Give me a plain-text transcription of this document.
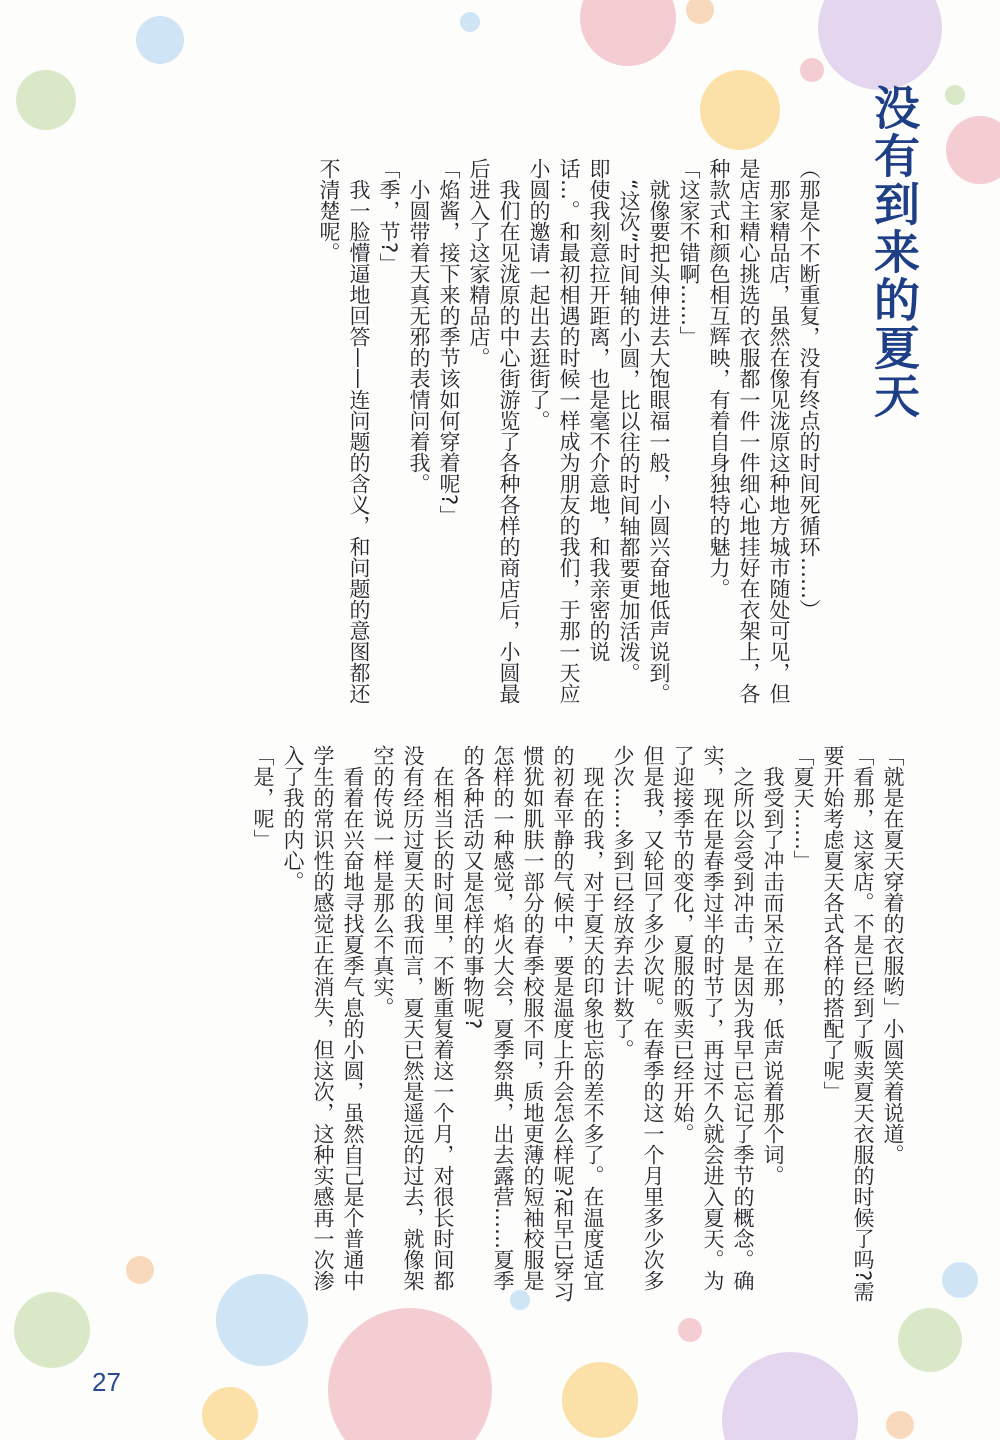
没有到来的夏天

（那是个不断重复，没有终点的时间死循环……）

那家精品店，虽然在像见泷原这种地方城市随处可见，但是店主精心挑选的衣服都一件一件细心地挂好在衣架上，各种款式和颜色相互辉映，有着自身独特的魅力。

「这家不错啊……」

就像要把头伸进去大饱眼福一般，小圆兴奋地低声说到。

“这次”时间轴的小圆，比以往的时间轴都要更加活泼。

即使我刻意拉开距离，也是毫不介意地，和我亲密的说话…。和最初相遇的时候一样成为朋友的我们，于那一天应小圆的邀请一起出去逛街了。

我们在见泷原的中心街游览了各种各样的商店后，小圆最后进入了这家精品店。

「焰酱，接下来的季节该如何穿着呢?」

小圆带着天真无邪的表情问着我。

「季，节?」

我一脸懵逼地回答——连问题的含义，和问题的意图都还不清楚呢。

「就是在夏天穿着的衣服哟」小圆笑着说道。

「看那，这家店。不是已经到了贩卖夏天衣服的时候了吗?需要开始考虑夏天各式各样的搭配了呢」

「夏天……」

我受到了冲击而呆立在那，低声说着那个词。

之所以会受到冲击，是因为我早已忘记了季节的概念。确实，现在是春季过半的时节了，再过不久就会进入夏天。为了迎接季节的变化，夏服的贩卖已经开始。

但是我，又轮回了多少次呢。在春季的这一个月里多少次多少次……多到已经放弃去计数了。

现在的我，对于夏天的印象也忘的差不多了。在温度适宜的初春平静的气候中，要是温度上升会怎么样呢?和早已穿习惯犹如肌肤一部分的春季校服不同，质地更薄的短袖校服是怎样的一种感觉，焰火大会，夏季祭典，出去露营……夏季的各种活动又是怎样的事物呢?

在相当长的时间里，不断重复着这一个月，对很长时间都没有经历过夏天的我而言，夏天已然是遥远的过去，就像架空的传说一样是那么不真实。

看着在兴奋地寻找夏季气息的小圆，虽然自己是个普通中学生的常识性的感觉正在消失，但这次，这种实感再一次渗入了我的内心。

「是，呢」

27
